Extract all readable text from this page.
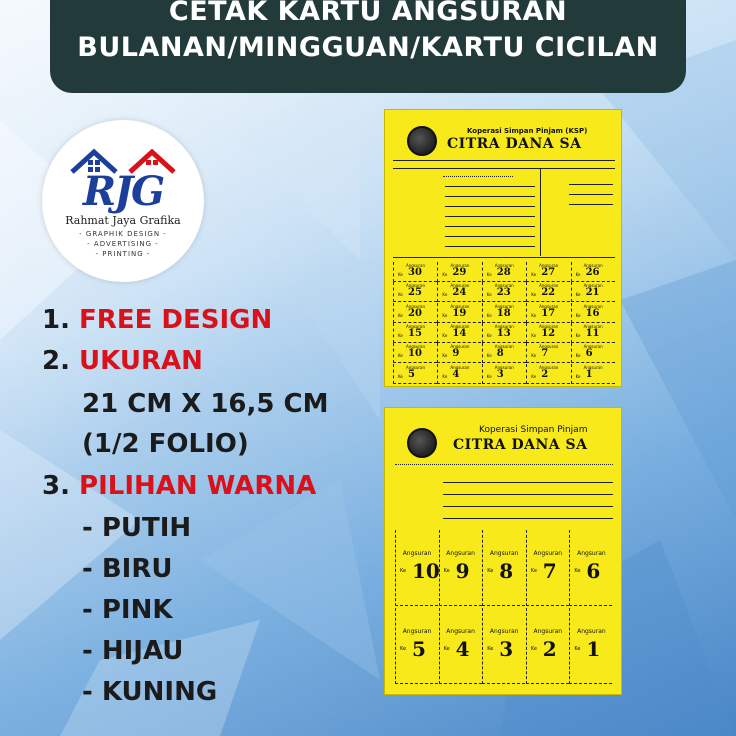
CETAK KARTU ANGSURAN
BULANAN/MINGGUAN/KARTU CICILAN
RJG
Rahmat Jaya Grafika
- GRAPHIK DESIGN -
- ADVERTISING -
- PRINTING -
1. FREE DESIGN
2. UKURAN
21 CM X 16,5 CM
(1/2 FOLIO)
3. PILIHAN WARNA
- PUTIH
- BIRU
- PINK
- HIJAU
- KUNING
Koperasi Simpan Pinjam (KSP)
CITRA DANA SA
Angsuran
Ke 30
Angsuran
Ke 29
Angsuran
Ke 28
Angsuran
Ke 27
Angsuran
Ke 26
Angsuran
Ke 25
Angsuran
Ke 24
Angsuran
Ke 23
Angsuran
Ke 22
Angsuran
Ke 21
Angsuran
Ke 20
Angsuran
Ke 19
Angsuran
Ke 18
Angsuran
Ke 17
Angsuran
Ke 16
Angsuran
Ke 15
Angsuran
Ke 14
Angsuran
Ke 13
Angsuran
Ke 12
Angsuran
Ke 11
Angsuran
Ke 10
Angsuran
Ke 9
Angsuran
Ke 8
Angsuran
Ke 7
Angsuran
Ke 6
Angsuran
Ke 5
Angsuran
Ke 4
Angsuran
Ke 3
Angsuran
Ke 2
Angsuran
Ke 1
Koperasi Simpan Pinjam
CITRA DANA SA
Angsuran
Ke 10
Angsuran
Ke 9
Angsuran
Ke 8
Angsuran
Ke 7
Angsuran
Ke 6
Angsuran
Ke 5
Angsuran
Ke 4
Angsuran
Ke 3
Angsuran
Ke 2
Angsuran
Ke 1
